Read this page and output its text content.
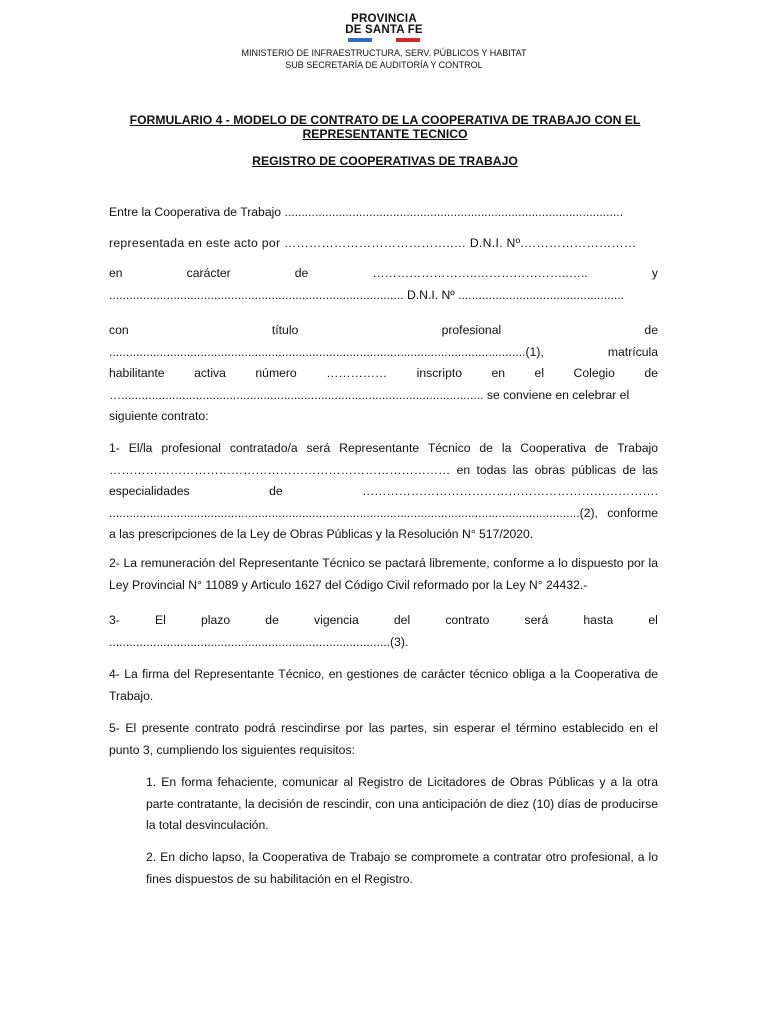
PROVINCIA
DE SANTA FE
MINISTERIO DE INFRAESTRUCTURA, SERV. PÚBLICOS Y HABITAT
SUB SECRETARÍA DE AUDITORÍA Y CONTROL
FORMULARIO 4 - MODELO DE CONTRATO DE LA COOPERATIVA DE TRABAJO CON EL
REPRESENTANTE TECNICO
REGISTRO DE COOPERATIVAS DE TRABAJO
Entre la Cooperativa de Trabajo ....................................................................................................
representada en este acto por …………………………………..… D.N.I. Nº.………………………
en	carácter	de	……………………..…………………..…..	y
....................................................................................... D.N.I. Nº .................................................
con	título	profesional	de
...........................................................................................................................(1),	matrícula
habilitante activa número …………… inscripto en el Colegio de
…........................................................................................................... se conviene en celebrar el
siguiente contrato:
1- El/la profesional contratado/a será Representante Técnico de la Cooperativa de Trabajo ………………………………………………………………………… en todas las obras públicas de las especialidades de ………………………………………………………………. ...........................................................................................................................................(2), conforme a las prescripciones de la Ley de Obras Públicas y la Resolución N° 517/2020.
2- La remuneración del Representante Técnico se pactará libremente, conforme a lo dispuesto por la Ley Provincial N° 11089 y Articulo 1627 del Código Civil reformado por la Ley N° 24432.-
3-	El	plazo	de	vigencia	del	contrato	será	hasta	el
...................................................................................(3).
4- La firma del Representante Técnico, en gestiones de carácter técnico obliga a la Cooperativa de Trabajo.
5- El presente contrato podrá rescindirse por las partes, sin esperar el término establecido en el punto 3, cumpliendo los siguientes requisitos:
1. En forma fehaciente, comunicar al Registro de Licitadores de Obras Públicas y a la otra parte contratante, la decisión de rescindir, con una anticipación de diez (10) días de producirse la total desvinculación.
2. En dicho lapso, la Cooperativa de Trabajo se compromete a contratar otro profesional, a lo fines dispuestos de su habilitación en el Registro.
